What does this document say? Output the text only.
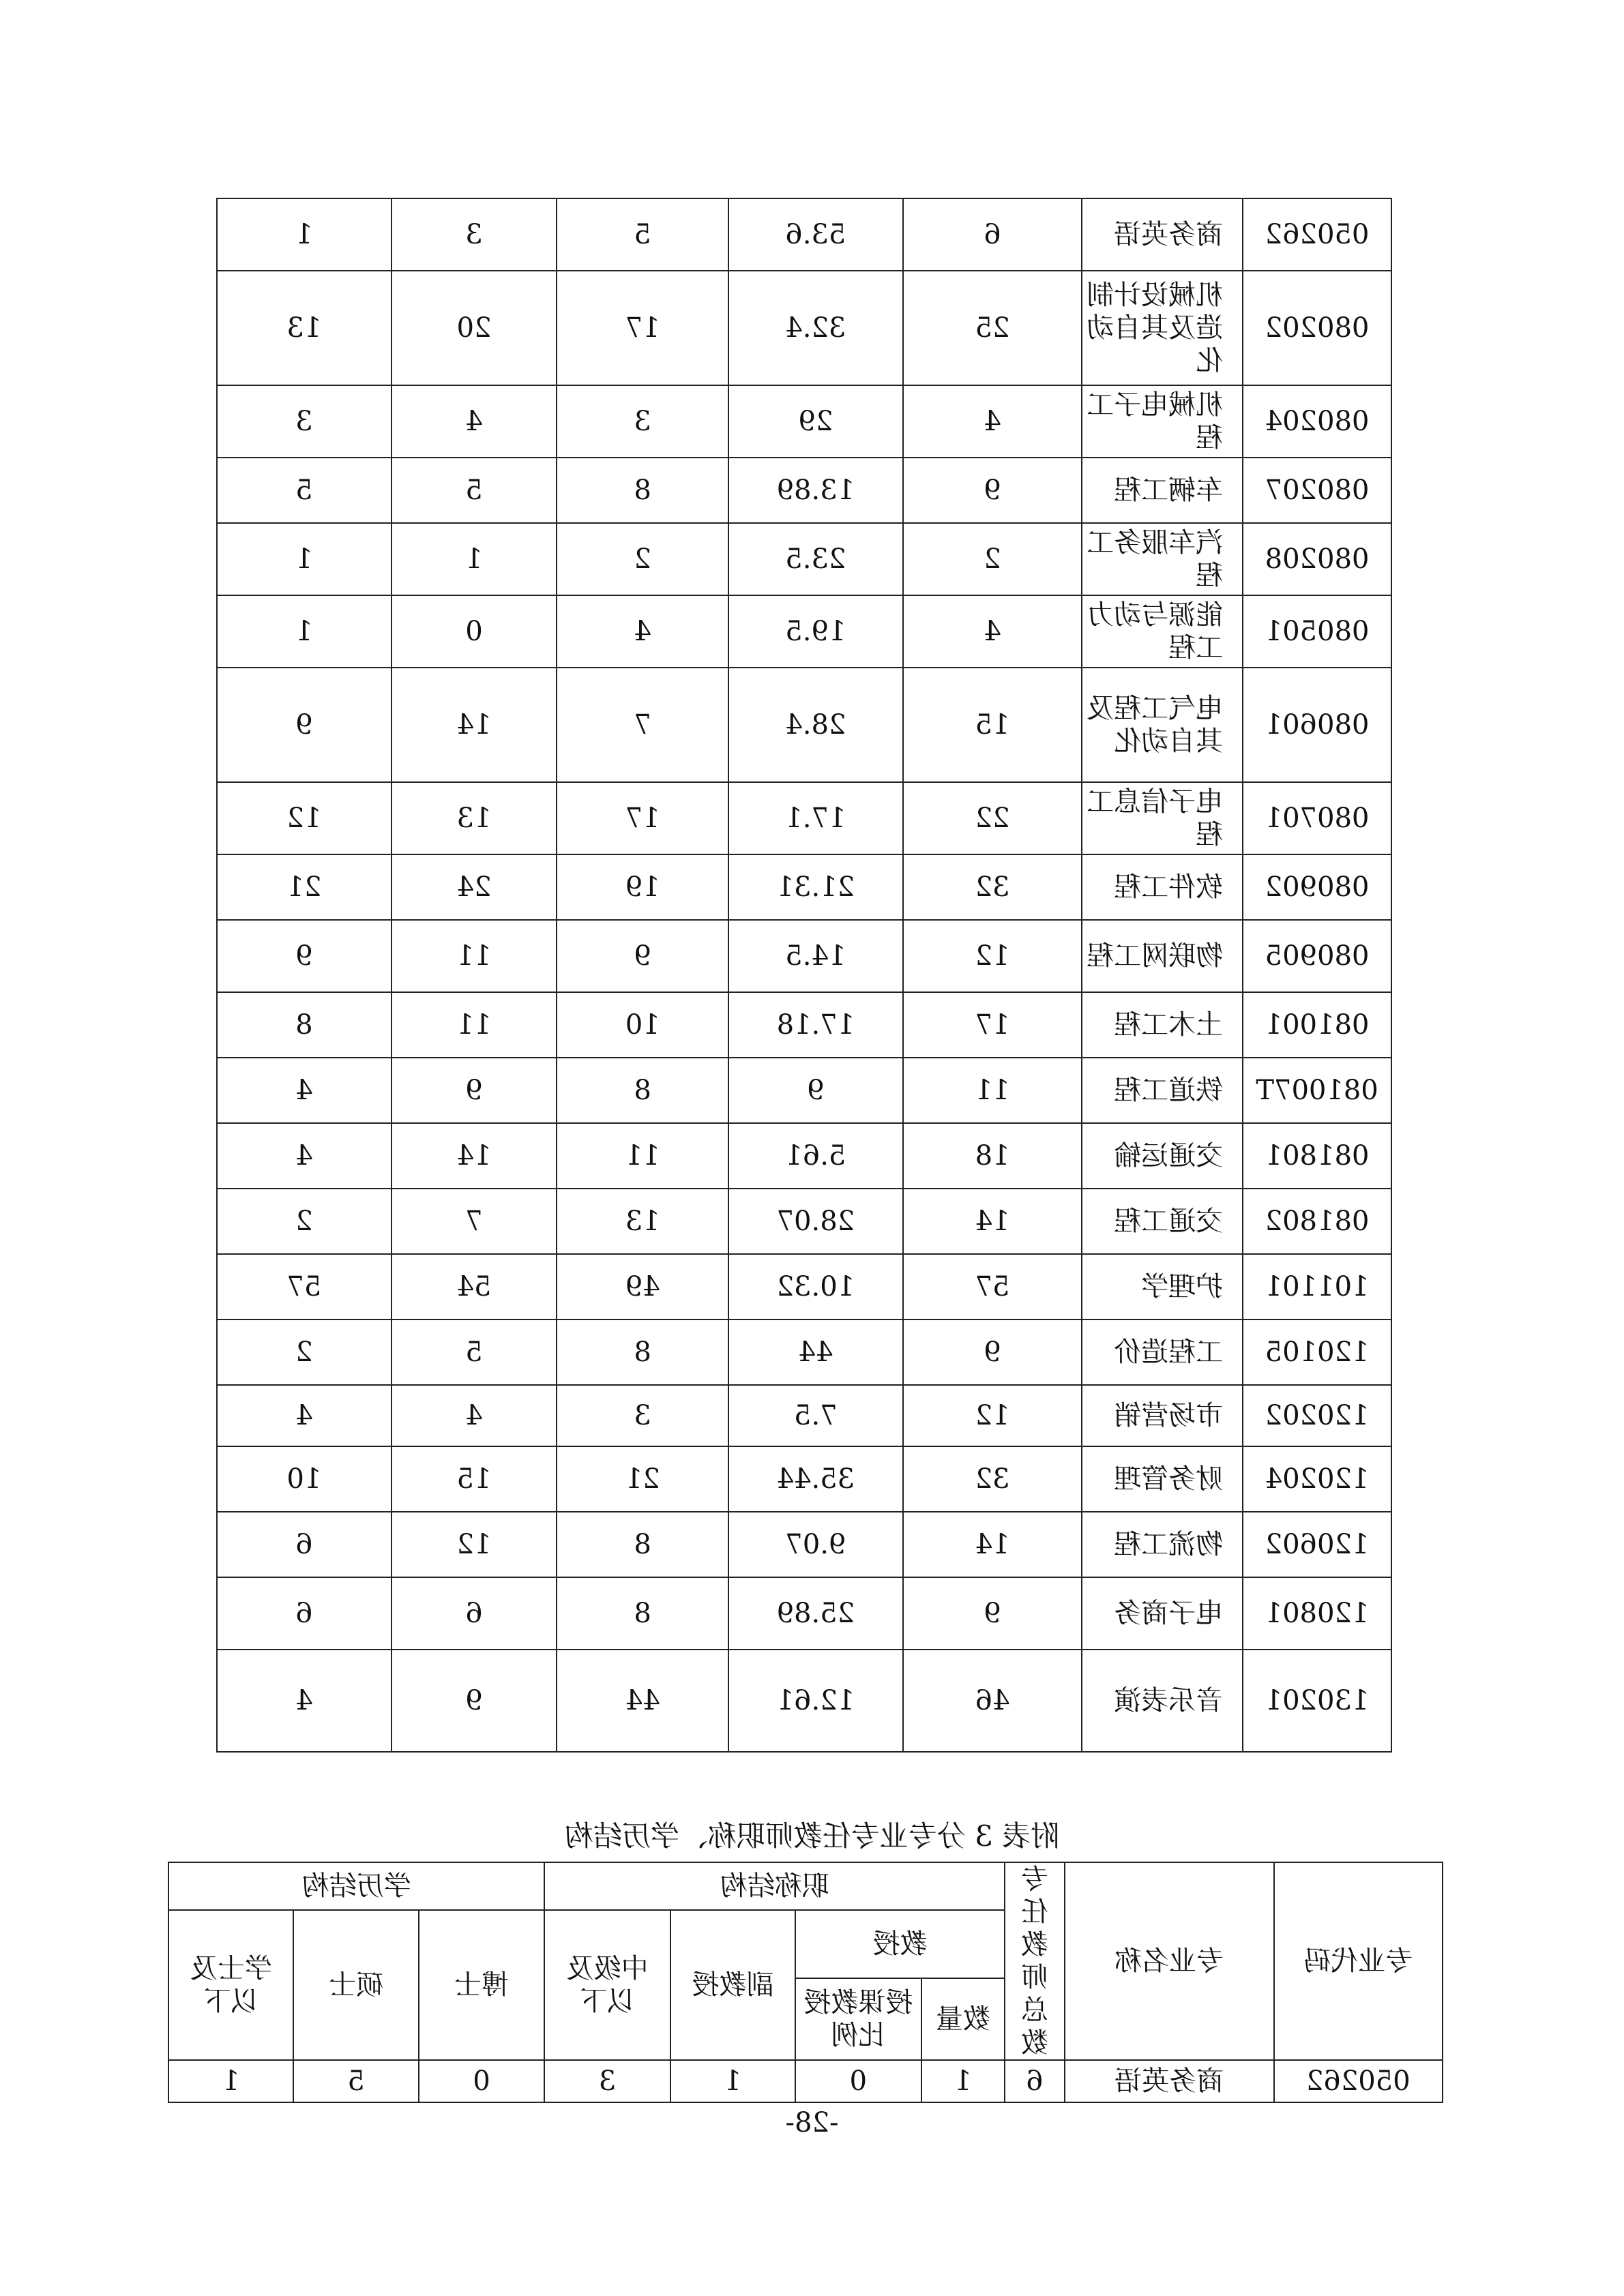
050262	商务英语	6	53.6	5	3	1
080202	机械设计制造及其自动化	25	32.4	17	20	13
080204	机械电子工程	4	29	3	4	3
080207	车辆工程	9	13.89	8	5	5
080208	汽车服务工程	2	23.5	2	1	1
080501	能源与动力工程	4	19.5	4	0	1
080601	电气工程及其自动化	15	28.4	7	14	9
080701	电子信息工程	22	17.1	17	13	12
080902	软件工程	32	21.31	19	24	21
080905	物联网工程	12	14.5	9	11	9
081001	土木工程	17	17.18	10	11	8
081007T	铁道工程	11	9	8	9	4
081801	交通运输	18	5.61	11	14	4
081802	交通工程	14	28.07	13	7	2
101101	护理学	57	10.32	49	54	57
120105	工程造价	9	44	8	5	2
120202	市场营销	12	7.5	3	4	4
120204	财务管理	32	35.44	21	15	10
120602	物流工程	14	9.07	8	12	6
120801	电子商务	9	25.89	8	6	6
130201	音乐表演	46	12.61	44	9	4
附表 3 分专业专任教师职称、学历结构
专业代码	专业名称	专任教师总数	职称结构				学历结构		
			教授		副教授	中级及以下	博士	硕士	学士及以下
			数量	授课教授比例					
050262	商务英语	6	1	0	1	3	0	5	1
-28-
